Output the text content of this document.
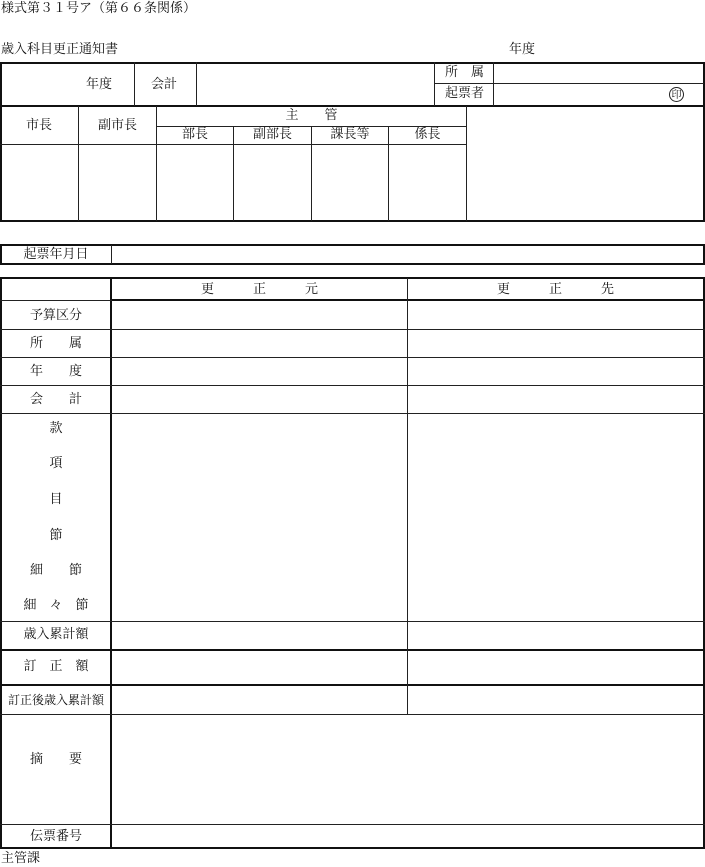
様式第３１号ア（第６６条関係）
歳入科目更正通知書	年度
年度	会計
所　属
起票者	印
市長	副市長
主　　管
部長	副部長	課長等	係長
起票年月日
更　　　正　　　元	更　　　正　　　先
予算区分
所　　属
年　　度
会　　計
款
項
目
節
細　　節
細　々　節
歳入累計額
訂　正　額
訂正後歳入累計額
摘　　要
伝票番号
主管課
